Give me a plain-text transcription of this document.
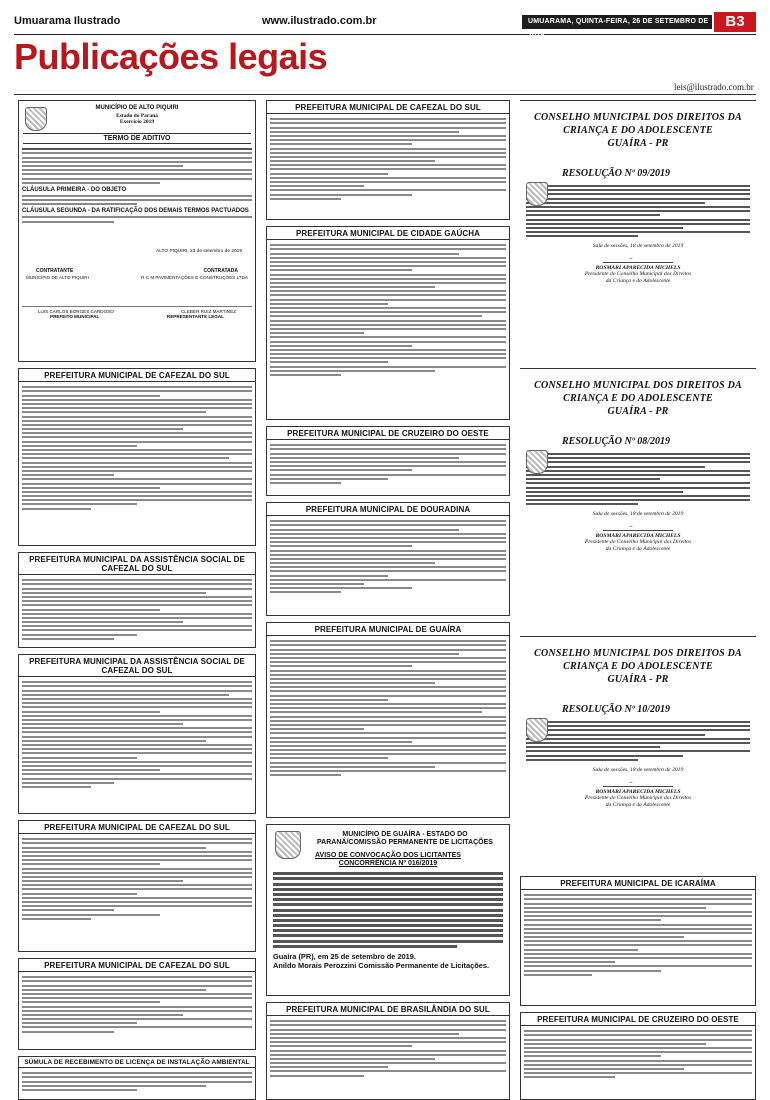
Umuarama Ilustrado	www.ilustrado.com.br	UMUARAMA, QUINTA-FEIRA, 26 DE SETEMBRO DE 2019
B3
Publicações legais
leis@ilustrado.com.br
MUNICÍPIO DE ALTO PIQUIRI
Estado do Paraná
Exercício 2019
TERMO DE ADITIVO
CLÁUSULA PRIMEIRA - DO OBJETO
CLÁUSULA SEGUNDA - DA RATIFICAÇÃO DOS DEMAIS TERMOS PACTUADOS
ALTO PIQUIRI, 23 de setembro de 2019
CONTRATANTE	CONTRATADA
MUNICÍPIO DE ALTO PIQUIRI	R C M PAVIMENTAÇÕES E CONSTRUÇÕES LTDA
LUIS CARLOS BORGES CARDOSO	CLEBER RUIZ MARTINEZ
PREFEITO MUNICIPAL	REPRESENTANTE LEGAL
PREFEITURA MUNICIPAL DE CAFEZAL DO SUL
PREFEITURA MUNICIPAL DA ASSISTÊNCIA SOCIAL DE CAFEZAL DO SUL
PREFEITURA MUNICIPAL DA ASSISTÊNCIA SOCIAL DE CAFEZAL DO SUL
PREFEITURA MUNICIPAL DE CAFEZAL DO SUL
PREFEITURA MUNICIPAL DE CAFEZAL DO SUL
SÚMULA DE RECEBIMENTO DE LICENÇA DE INSTALAÇÃO AMBIENTAL
PREFEITURA MUNICIPAL DE CAFEZAL DO SUL
PREFEITURA MUNICIPAL DE CIDADE GAÚCHA
PREFEITURA MUNICIPAL DE CRUZEIRO DO OESTE
PREFEITURA MUNICIPAL DE DOURADINA
PREFEITURA MUNICIPAL DE GUAÍRA
MUNICÍPIO DE GUAÍRA - ESTADO DO PARANÁ/COMISSÃO PERMANENTE DE LICITAÇÕES
AVISO DE CONVOCAÇÃO DOS LICITANTES
CONCORRÊNCIA Nº 016/2019
Guaíra (PR), em 25 de setembro de 2019.
Anildo Morais Perozzini Comissão Permanente de Licitações.
PREFEITURA MUNICIPAL DE BRASILÂNDIA DO SUL
CONSELHO MUNICIPAL DOS DIREITOS DA
CRIANÇA E DO ADOLESCENTE
GUAÍRA - PR
RESOLUÇÃO Nº 09/2019
Sala de sessões, 18 de setembro de 2019
ROSMARI APARECIDA MICHELS
Presidente do Conselho Municipal dos Direitos
da Criança e do Adolescente
CONSELHO MUNICIPAL DOS DIREITOS DA
CRIANÇA E DO ADOLESCENTE
GUAÍRA - PR
RESOLUÇÃO Nº 08/2019
Sala de sessões, 18 de setembro de 2019
ROSMARI APARECIDA MICHELS
Presidente do Conselho Municipal dos Direitos
da Criança e do Adolescente
CONSELHO MUNICIPAL DOS DIREITOS DA
CRIANÇA E DO ADOLESCENTE
GUAÍRA - PR
RESOLUÇÃO Nº 10/2019
Sala de sessões, 18 de setembro de 2019
ROSMARI APARECIDA MICHELS
Presidente do Conselho Municipal dos Direitos
da Criança e do Adolescente
PREFEITURA MUNICIPAL DE ICARAÍMA
PREFEITURA MUNICIPAL DE CRUZEIRO DO OESTE
